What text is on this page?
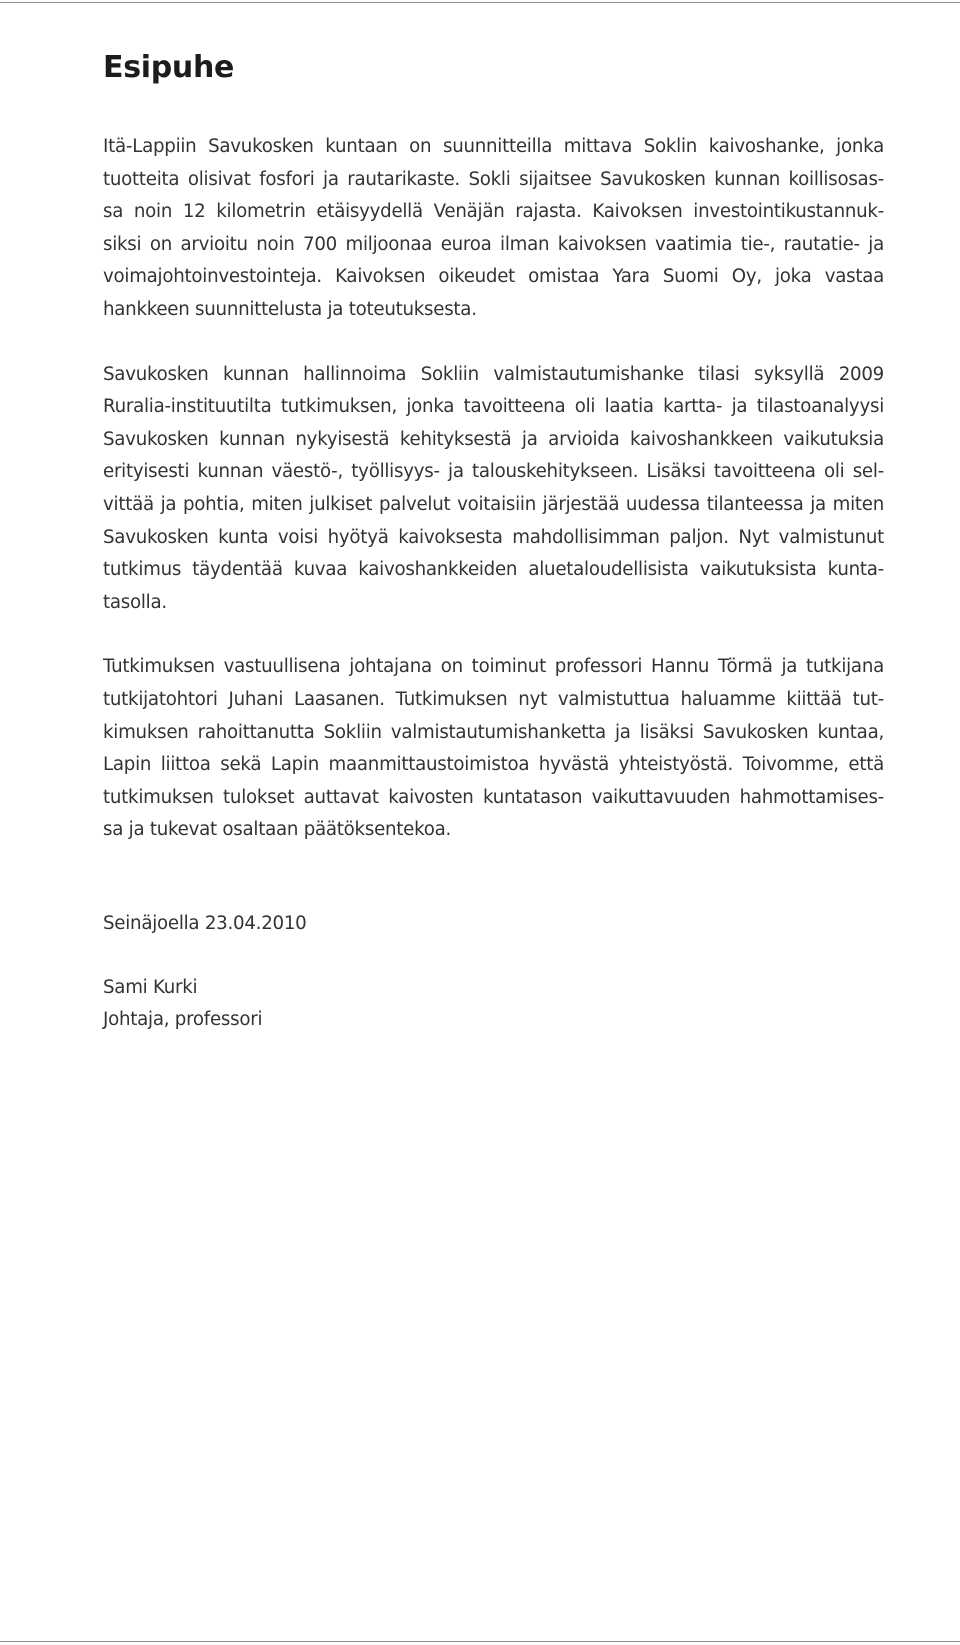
Esipuhe
Itä-Lappiin Savukosken kuntaan on suunnitteilla mittava Soklin kaivoshanke, jonka
tuotteita olisivat fosfori ja rautarikaste. Sokli sijaitsee Savukosken kunnan koillisosas-
sa noin 12 kilometrin etäisyydellä Venäjän rajasta. Kaivoksen investointikustannuk-
siksi on arvioitu noin 700 miljoonaa euroa ilman kaivoksen vaatimia tie-, rautatie- ja
voimajohtoinvestointeja. Kaivoksen oikeudet omistaa Yara Suomi Oy, joka vastaa
hankkeen suunnittelusta ja toteutuksesta.
Savukosken kunnan hallinnoima Sokliin valmistautumishanke tilasi syksyllä 2009
Ruralia-instituutilta tutkimuksen, jonka tavoitteena oli laatia kartta- ja tilastoanalyysi
Savukosken kunnan nykyisestä kehityksestä ja arvioida kaivoshankkeen vaikutuksia
erityisesti kunnan väestö-, työllisyys- ja talouskehitykseen. Lisäksi tavoitteena oli sel-
vittää ja pohtia, miten julkiset palvelut voitaisiin järjestää uudessa tilanteessa ja miten
Savukosken kunta voisi hyötyä kaivoksesta mahdollisimman paljon. Nyt valmistunut
tutkimus täydentää kuvaa kaivoshankkeiden aluetaloudellisista vaikutuksista kunta-
tasolla.
Tutkimuksen vastuullisena johtajana on toiminut professori Hannu Törmä ja tutkijana
tutkijatohtori Juhani Laasanen. Tutkimuksen nyt valmistuttua haluamme kiittää tut-
kimuksen rahoittanutta Sokliin valmistautumishanketta ja lisäksi Savukosken kuntaa,
Lapin liittoa sekä Lapin maanmittaustoimistoa hyvästä yhteistyöstä. Toivomme, että
tutkimuksen tulokset auttavat kaivosten kuntatason vaikuttavuuden hahmottamises-
sa ja tukevat osaltaan päätöksentekoa.
Seinäjoella 23.04.2010
Sami Kurki
Johtaja, professori
